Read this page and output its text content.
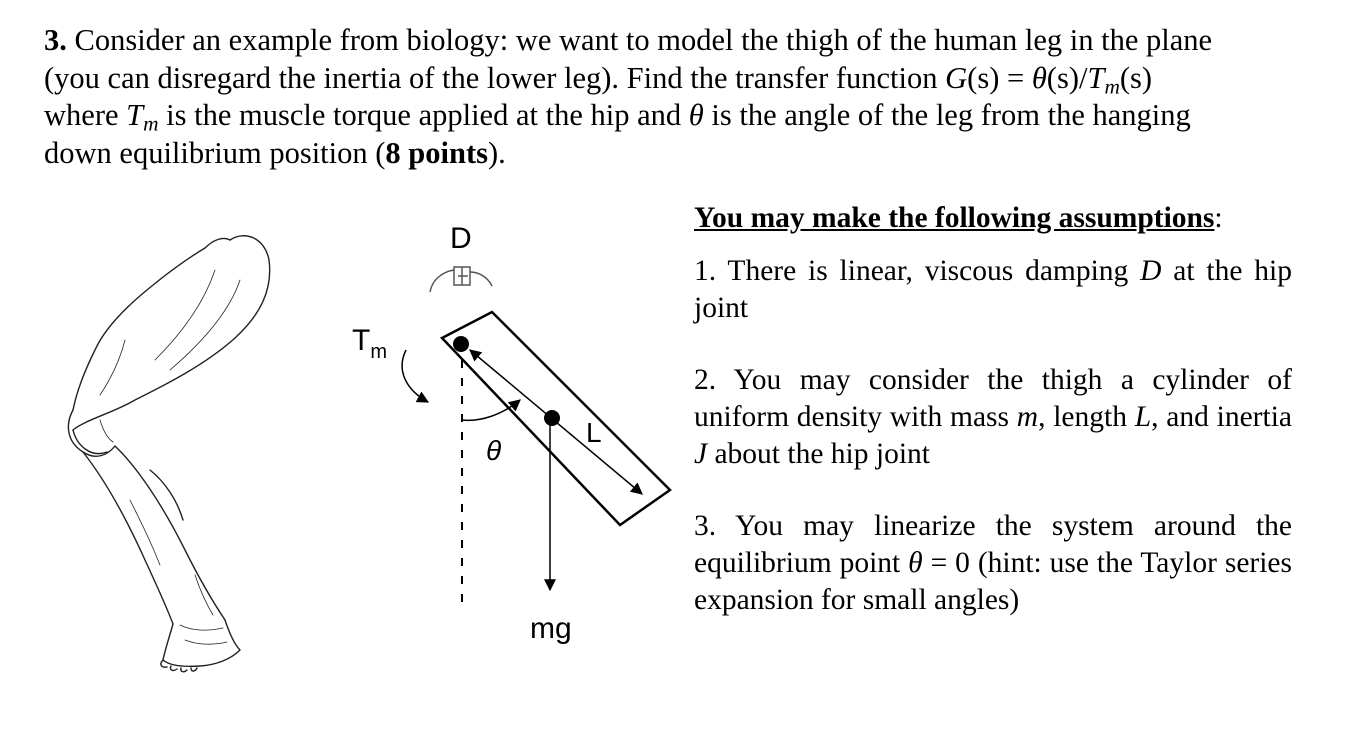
3. Consider an example from biology: we want to model the thigh of the human leg in the plane
(you can disregard the inertia of the lower leg). Find the transfer function $G(s) = \theta(s)/T_m(s)$
where $T_m$ is the muscle torque applied at the hip and θ is the angle of the leg from the hanging
down equilibrium position (8 points).
D
$T_m$
θ
L
mg
You may make the following assumptions:
1. There is linear, viscous damping D at the hip joint
2. You may consider the thigh a cylinder of uniform density with mass m, length L, and inertia J about the hip joint
3. You may linearize the system around the equilibrium point θ = 0 (hint: use the Taylor series expansion for small angles)
